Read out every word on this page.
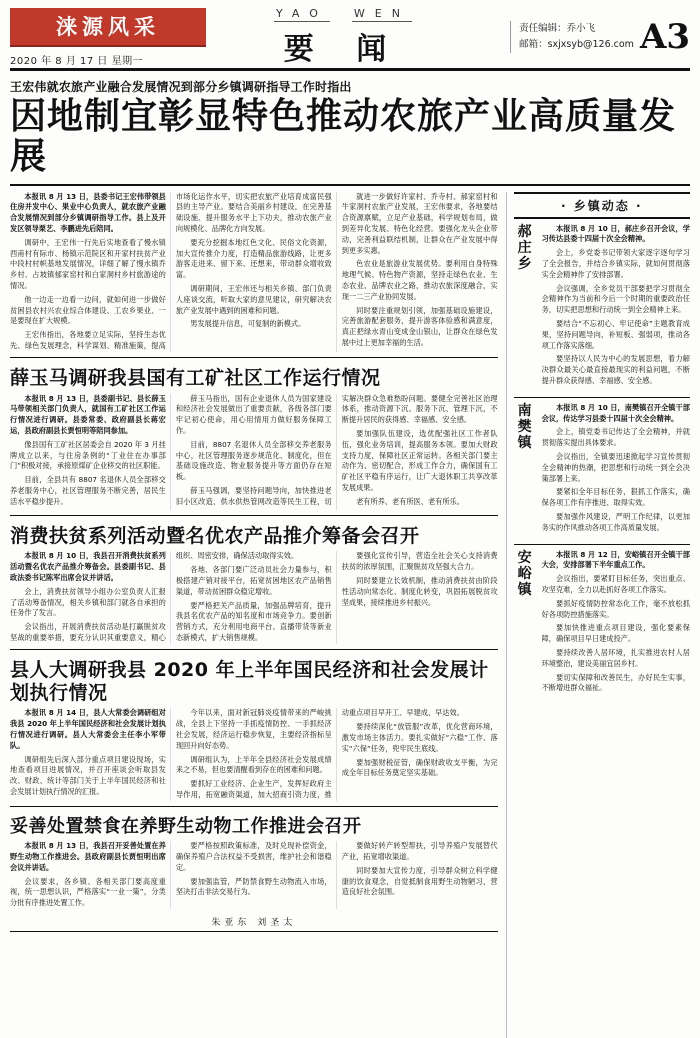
涞源风采
2020 年 8 月 17 日 星期一
YAO WEN
要 闻
责任编辑：乔小飞
邮箱：sxjxsyb@126.com A3
王宏伟就农旅产业融合发展情况到部分乡镇调研指导工作时指出
因地制宜彰显特色推动农旅产业高质量发展

本报讯 8 月 13 日，县委书记王宏伟带领县住房并发中心、果业中心负责人，就农旅产业融合发展情况到部分乡镇调研指导工作。县上及开发区领导栗艺、李鹏进先后陪同。

调研中，王宏伟一行先后实地查看了慢水镇西甫村有际市、杨镇示范院区和开家村扶贫产业中段村村帜基地发展情况，详细了解了慢水镇乔乡村、占坡镇郁家窑村和白家洞村乡村旅游途的情况。

他一边走一边看一边问，就如何进一步做好贫困县农村兴农业综合体建设、工农乡果业、一是要现在扩大规模。

王宏伟指出，各地要立足实际，坚持生态优先、绿色发展理念，科学谋划、精准施策，提高市场化运作水平，切实把农旅产业培育成富民强县的主导产业。要结合美丽乡村建设，在完善基础设施、提升服务水平上下功夫，推动农旅产业向规模化、品牌化方向发展。

要充分挖掘本地红色文化、民俗文化资源，加大宣传推介力度，打造精品旅游线路，让更多游客走进来、留下来、还想来，带动群众增收致富。

调研期间，王宏伟还与相关乡镇、部门负责人座谈交流，听取大家的意见建议，研究解决农旅产业发展中遇到的困难和问题。

男发展提升信息，可复制的新模式。

就进一步做好许家村、乔寺村、郝家窑村和牛家洞村农旅产业发展，王宏伟要求，各地要结合资源禀赋，立足产业基础，科学规划布局，做到差异化发展、特色化经营。要强化龙头企业带动，完善利益联结机制，让群众在产业发展中得到更多实惠。

色农业是旅游业发展优势。要利用自身特殊地理气候、特色物产资源，坚持走绿色农业、生态农业、品牌农业之路，推动农旅深度融合，实现一二三产业协同发展。

同时要注重规划引领，加强基础设施建设，完善旅游配套服务，提升游客体验感和满意度，真正把绿水青山变成金山银山，让群众在绿色发展中过上更加幸福的生活。

薛玉马调研我县国有工矿社区工作运行情况

本报讯 8 月 13 日，县委副书记、县长薛玉马带领相关部门负责人，就国有工矿社区工作运行情况进行调研。县委常委、政府副县长蒋宏运，县政府副县长贾恒明等陪同参加。

像县国有工矿社区居委会自 2020 年 3 月挂牌成立以来，与住房条例的“丁业住在办事部门”积极对接，承接原煤矿企业移交的社区职能。

目前，全县共有 8807 名退休人员全部移交养老服务中心，社区管理服务不断完善，居民生活水平稳步提升。

薛玉马指出，国有企业退休人员为国家建设和经济社会发展做出了重要贡献，各级各部门要牢记初心使命，用心用情用力做好服务保障工作。

目前，8807 名退休人员全部移交养老服务中心，社区管理服务逐步规范化、制度化，但在基础设施改造、物业服务提升等方面仍存在短板。

薛玉马强调，要坚持问题导向，加快推进老旧小区改造、供水供热管网改造等民生工程，切实解决群众急难愁盼问题。要健全完善社区治理体系，推动资源下沉、服务下沉、管理下沉，不断提升居民的获得感、幸福感、安全感。

要加强队伍建设，选优配强社区工作者队伍，强化业务培训，提高服务本领。要加大财政支持力度，保障社区正常运转。各相关部门要主动作为、密切配合，形成工作合力，确保国有工矿社区平稳有序运行，让广大退休职工共享改革发展成果。

老有所养、老有所医、老有所乐。

消费扶贫系列活动暨名优农产品推介筹备会召开

本报讯 8 月 10 日，我县召开消费扶贫系列活动暨名优农产品推介筹备会。县委副书记、县政法委书记陈军出席会议并讲话。

会上，消费扶贫领导小组办公室负责人汇报了活动筹备情况，相关乡镇和部门就各自承担的任务作了发言。

会议指出，开展消费扶贫活动是打赢脱贫攻坚战的重要举措，要充分认识其重要意义，精心组织、周密安排，确保活动取得实效。

各地、各部门要广泛动员社会力量参与，积极搭建产销对接平台，拓宽贫困地区农产品销售渠道，带动贫困群众稳定增收。

要严格把关产品质量，加强品牌培育，提升我县名优农产品的知名度和市场竞争力。要创新营销方式，充分利用电商平台、直播带货等新业态新模式，扩大销售规模。

要强化宣传引导，营造全社会关心支持消费扶贫的浓厚氛围，汇聚脱贫攻坚强大合力。

同时要建立长效机制，推动消费扶贫由阶段性活动向常态化、制度化转变，巩固拓展脱贫攻坚成果，接续推进乡村振兴。

县人大调研我县 2020 年上半年国民经济和社会发展计划执行情况

本报讯 8 月 14 日，县人大常委会调研组对我县 2020 年上半年国民经济和社会发展计划执行情况进行调研。县人大常委会主任李小军带队。

调研组先后深入部分重点项目建设现场，实地查看项目进展情况，并召开座谈会听取县发改、财政、统计等部门关于上半年国民经济和社会发展计划执行情况的汇报。

今年以来，面对新冠肺炎疫情带来的严峻挑战，全县上下坚持一手抓疫情防控、一手抓经济社会发展，经济运行稳步恢复，主要经济指标呈现回升向好态势。

调研组认为，上半年全县经济社会发展成绩来之不易，但也要清醒看到存在的困难和问题。

要抓好工业经济、企业生产，发挥好政府主导作用，拓宽融资渠道，加大招商引资力度，推动重点项目早开工、早建成、早达效。

要持续深化“放管服”改革，优化营商环境，激发市场主体活力。要扎实做好“六稳”工作、落实“六保”任务，兜牢民生底线。

要加强财税征管，确保财政收支平衡，为完成全年目标任务奠定坚实基础。

妥善处置禁食在养野生动物工作推进会召开

本报讯 8 月 13 日，我县召开妥善处置在养野生动物工作推进会。县政府副县长贾恒明出席会议并讲话。

会议要求，各乡镇、各相关部门要高度重视，统一思想认识，严格落实“一业一策”，分类分批有序推进处置工作。

要严格按照政策标准，及时兑现补偿资金，确保养殖户合法权益不受损害，维护社会和谐稳定。

要加强监管，严防禁食野生动物流入市场，坚决打击非法交易行为。

要做好转产转型帮扶，引导养殖户发展替代产业，拓宽增收渠道。

同时要加大宣传力度，引导群众树立科学健康的饮食观念，自觉抵制食用野生动物陋习，营造良好社会氛围。

朱亚东 刘圣太
· 乡镇动态 ·
郝庄乡

本报讯 8 月 10 日，郝庄乡召开会议，学习传达县委十四届十次全会精神。

会上，乡党委书记带领大家逐字逐句学习了全会报告，并结合乡镇实际，就如何贯彻落实全会精神作了安排部署。

会议强调，全乡党员干部要把学习贯彻全会精神作为当前和今后一个时期的重要政治任务，切实把思想和行动统一到全会精神上来。

要结合“不忘初心、牢记使命”主题教育成果，坚持问题导向，补短板、强弱项，推动各项工作落实落细。

要坚持以人民为中心的发展思想，着力解决群众最关心最直接最现实的利益问题，不断提升群众获得感、幸福感、安全感。

南樊镇

本报讯 8 月 10 日，南樊镇召开全镇干部会议，传达学习县委十四届十次全会精神。

会上，镇党委书记传达了全会精神，并就贯彻落实提出具体要求。

会议指出，全镇要迅速掀起学习宣传贯彻全会精神的热潮，把思想和行动统一到全会决策部署上来。

要紧扣全年目标任务，狠抓工作落实，确保各项工作有序推进、取得实效。

要加强作风建设，严明工作纪律，以更加务实的作风推动各项工作高质量发展。

安峪镇

本报讯 8 月 12 日，安峪镇召开全镇干部大会，安排部署下半年重点工作。

会议指出，要紧盯目标任务，突出重点、攻坚克难，全力以赴抓好各项工作落实。

要抓好疫情防控常态化工作，毫不放松抓好各项防控措施落实。

要加快推进重点项目建设，强化要素保障，确保项目早日建成投产。

要持续改善人居环境，扎实推进农村人居环境整治，建设美丽宜居乡村。

要切实保障和改善民生，办好民生实事，不断增进群众福祉。
